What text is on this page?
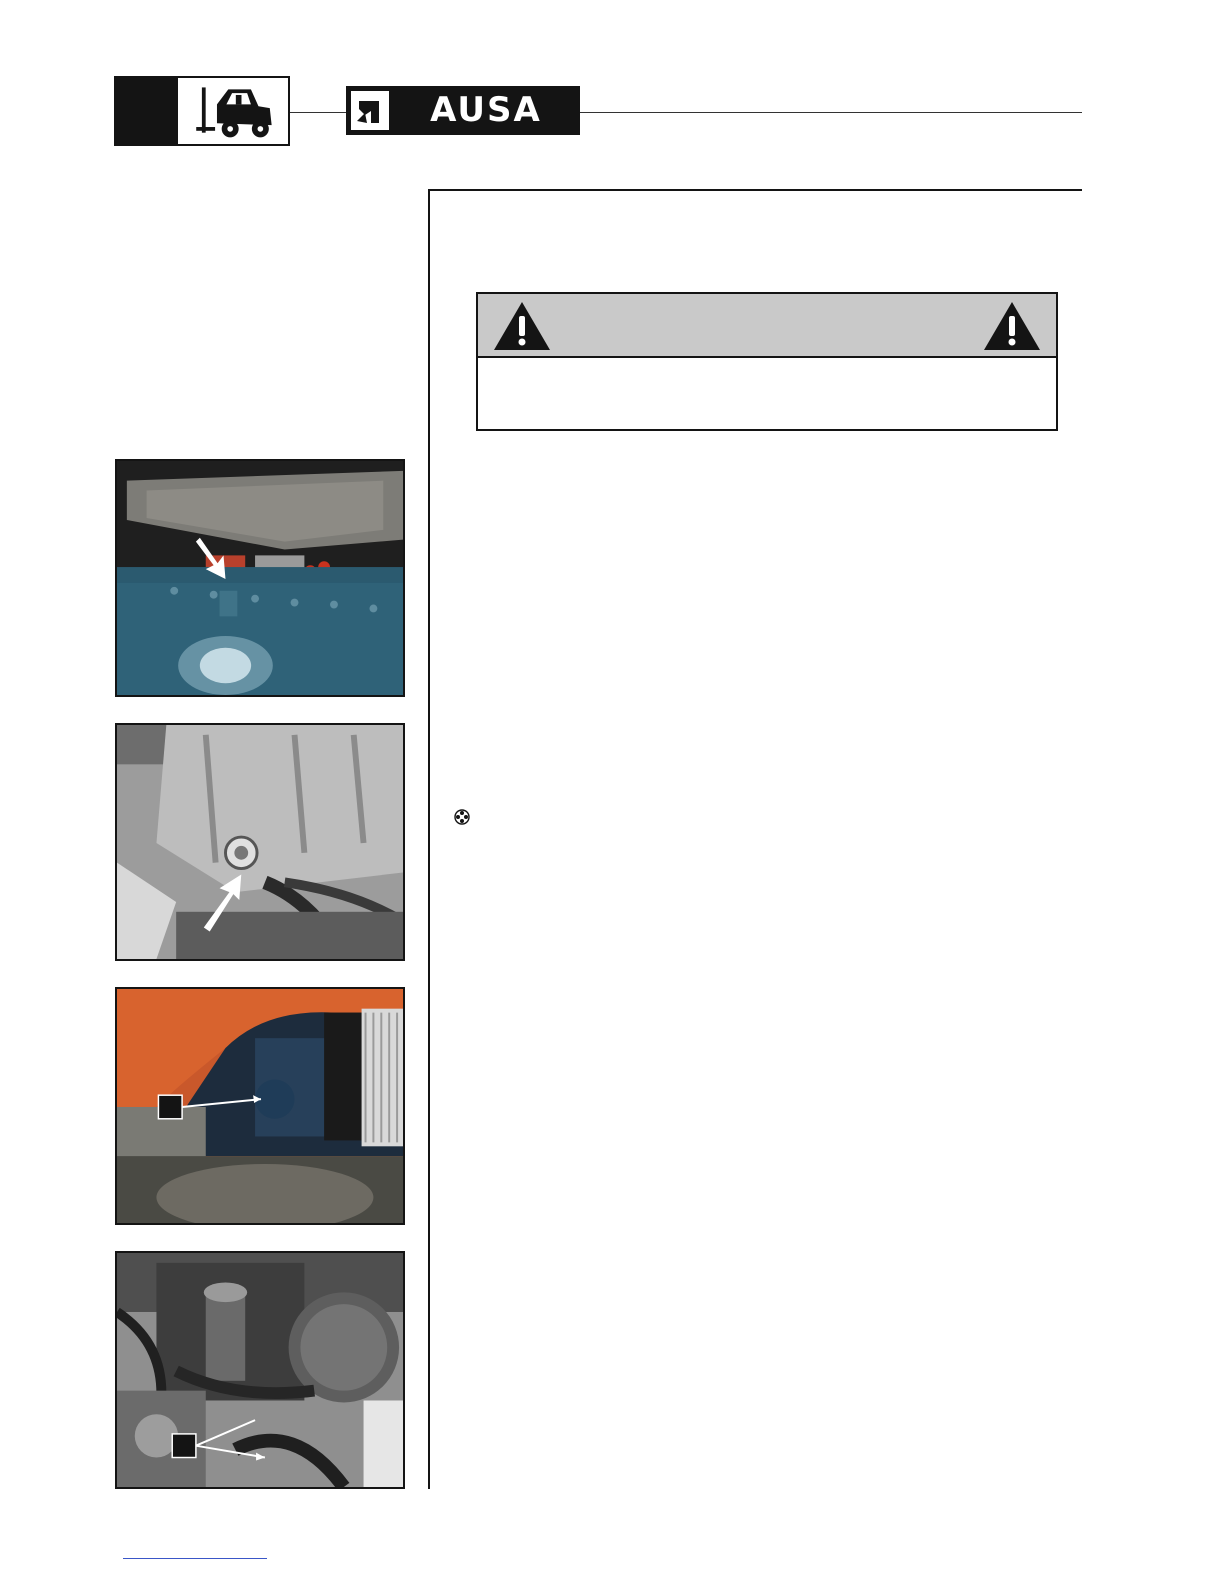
AUSA
